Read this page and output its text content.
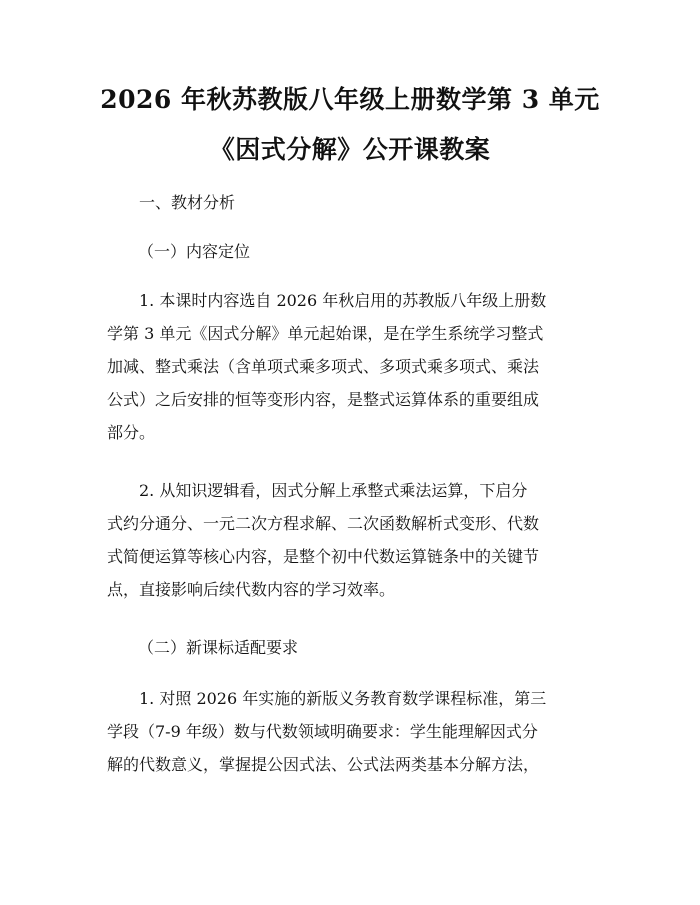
2026 年秋苏教版八年级上册数学第 3 单元
《因式分解》公开课教案

一、教材分析

（一）内容定位

1. 本课时内容选自 2026 年秋启用的苏教版八年级上册数
学第 3 单元《因式分解》单元起始课，是在学生系统学习整式
加减、整式乘法（含单项式乘多项式、多项式乘多项式、乘法
公式）之后安排的恒等变形内容，是整式运算体系的重要组成
部分。

2. 从知识逻辑看，因式分解上承整式乘法运算，下启分
式约分通分、一元二次方程求解、二次函数解析式变形、代数
式简便运算等核心内容，是整个初中代数运算链条中的关键节
点，直接影响后续代数内容的学习效率。

（二）新课标适配要求

1. 对照 2026 年实施的新版义务教育数学课程标准，第三
学段（7-9 年级）数与代数领域明确要求：学生能理解因式分
解的代数意义，掌握提公因式法、公式法两类基本分解方法，
